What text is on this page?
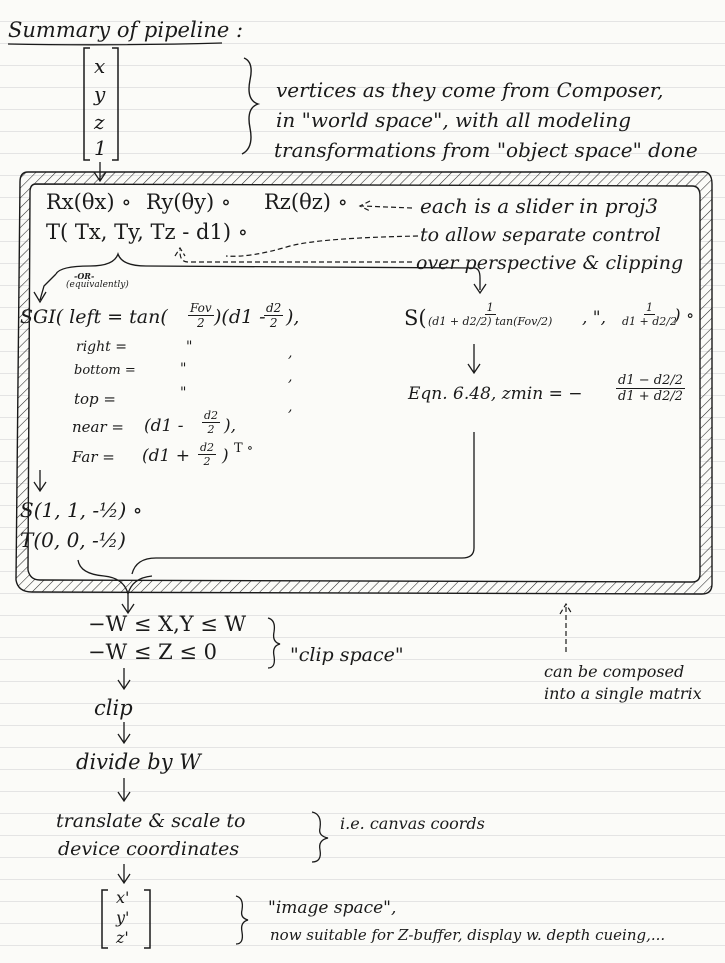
Summary of pipeline :
x
y
z
1
vertices as they come from Composer,
in "world space", with all modeling
transformations from "object space" done
Rx(θx) ∘ Ry(θy) ∘ Rz(θz) ∘	each is a slider in proj3
T( Tx, Ty, Tz - d1) ∘	to allow separate control
over perspective & clipping
-OR-
(equivalently)
SGI( left = tan( Fov
2 )(d1 -
$\frac{d2}{2}$ ),
right =	"	,
bottom =	"	,
top =	"
,
near = ($d1 - \frac{d2}{2}$ ),
Far = ($d1 + \frac{d2}{2}$ ) T ∘
S(1, 1, -½) ∘
T(0, 0, -½)
S(	1
(d1 + d2/2) tan(Fov/2) , ", $\frac{1}{d1 + d2/2}$
) ∘
Eqn. 6.48, zmin = −	$\frac{d1 - d2/2}{d1 + d2/2}$
−W ≤ X,Y ≤ W
−W ≤ Z ≤ 0	"clip space"
can be composed
into a single matrix
clip
divide by W
translate & scale to
device coordinates
i.e. canvas coords
x'
y'
z'
"image space",
now suitable for Z-buffer, display w. depth cueing,...
